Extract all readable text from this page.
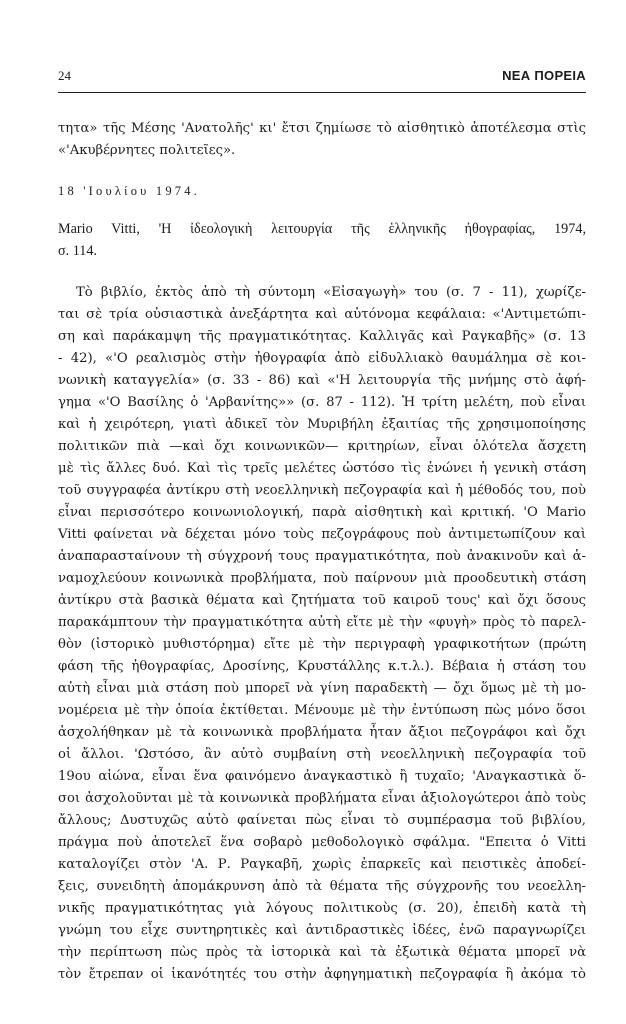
24	ΝΕΑ ΠΟΡΕΙΑ
τητα» τῆς Μέσης 'Ανατολῆς' κι' ἔτσι ζημίωσε τὸ αἰσθητικὸ ἀποτέλεσμα στὶς
«'Ακυβέρνητες πολιτεῖες».
18 'Ιουλίου 1974.
Mario Vitti, 'Η ἰδεολογικὴ λειτουργία τῆς ἑλληνικῆς ἠθογραφίας, 1974,
σ. 114.
Τὸ βιβλίο, ἐκτὸς ἀπὸ τὴ σύντομη «Εἰσαγωγὴ» του (σ. 7 - 11), χωρίζε-
ται σὲ τρία οὐσιαστικὰ ἀνεξάρτητα καὶ αὐτόνομα κεφάλαια: «'Αντιμετώπι-
ση καὶ παράκαμψη τῆς πραγματικότητας. Καλλιγᾶς καὶ Ραγκαβῆς» (σ. 13
- 42), «'Ο ρεαλισμὸς στὴν ἠθογραφία ἀπὸ εἰδυλλιακὸ θαυμάλημα σὲ κοι-
νωνικὴ καταγγελία» (σ. 33 - 86) καὶ «'Η λειτουργία τῆς μνήμης στὸ ἀφή-
γημα «'Ο Βασίλης ὁ 'Αρβανίτης»» (σ. 87 - 112). Ἡ τρίτη μελέτη, ποὺ εἶναι
καὶ ἡ χειρότερη, γιατὶ ἀδικεῖ τὸν Μυριβήλη ἐξαιτίας τῆς χρησιμοποίησης
πολιτικῶν πιὰ —καὶ ὄχι κοινωνικῶν— κριτηρίων, εἶναι ὁλότελα ἄσχετη
μὲ τὶς ἄλλες δυό. Καὶ τὶς τρεῖς μελέτες ὡστόσο τὶς ἑνώνει ἡ γενικὴ στάση
τοῦ συγγραφέα ἀντίκρυ στὴ νεοελληνικὴ πεζογραφία καὶ ἡ μέθοδός του, ποὺ
εἶναι περισσότερο κοινωνιολογική, παρὰ αἰσθητικὴ καὶ κριτική. 'Ο Mario
Vitti φαίνεται νὰ δέχεται μόνο τοὺς πεζογράφους ποὺ ἀντιμετωπίζουν καὶ
ἀναπαρασταίνουν τὴ σύγχρονή τους πραγματικότητα, ποὺ ἀνακινοῦν καὶ ἀ-
ναμοχλεύουν κοινωνικὰ προβλήματα, ποὺ παίρνουν μιὰ προοδευτικὴ στάση
ἀντίκρυ στὰ βασικὰ θέματα καὶ ζητήματα τοῦ καιροῦ τους' καὶ ὄχι ὅσους
παρακάμπτουν τὴν πραγματικότητα αὐτὴ εἴτε μὲ τὴν «φυγὴ» πρὸς τὸ παρελ-
θὸν (ἱστορικὸ μυθιστόρημα) εἴτε μὲ τὴν περιγραφὴ γραφικοτήτων (πρώτη
φάση τῆς ἠθογραφίας, Δροσίνης, Κρυστάλλης κ.τ.λ.). Βέβαια ἡ στάση του
αὐτὴ εἶναι μιὰ στάση ποὺ μπορεῖ νὰ γίνη παραδεκτὴ — ὄχι ὅμως μὲ τὴ μο-
νομέρεια μὲ τὴν ὁποία ἐκτίθεται. Μένουμε μὲ τὴν ἐντύπωση πὼς μόνο ὅσοι
ἀσχολήθηκαν μὲ τὰ κοινωνικὰ προβλήματα ἦταν ἄξιοι πεζογράφοι καὶ ὄχι
οἱ ἄλλοι. 'Ωστόσο, ἂν αὐτὸ συμβαίνη στὴ νεοελληνικὴ πεζογραφία τοῦ
19ου αἰώνα, εἶναι ἕνα φαινόμενο ἀναγκαστικὸ ἢ τυχαῖο; 'Αναγκαστικὰ ὅ-
σοι ἀσχολοῦνται μὲ τὰ κοινωνικὰ προβλήματα εἶναι ἀξιολογώτεροι ἀπὸ τοὺς
ἄλλους; Δυστυχῶς αὐτὸ φαίνεται πὼς εἶναι τὸ συμπέρασμα τοῦ βιβλίου,
πράγμα ποὺ ἀποτελεῖ ἕνα σοβαρὸ μεθοδολογικὸ σφάλμα. "Επειτα ὁ Vitti
καταλογίζει στὸν 'Α. Ρ. Ραγκαβῆ, χωρὶς ἐπαρκεῖς καὶ πειστικὲς ἀποδεί-
ξεις, συνειδητὴ ἀπομάκρυνση ἀπὸ τὰ θέματα τῆς σύγχρονῆς του νεοελλη-
νικῆς πραγματικότητας γιὰ λόγους πολιτικοὺς (σ. 20), ἐπειδὴ κατὰ τὴ
γνώμη του εἶχε συντηρητικὲς καὶ ἀντιδραστικὲς ἰδέες, ἐνῶ παραγνωρίζει
τὴν περίπτωση πὼς πρὸς τὰ ἱστορικὰ καὶ τὰ ἐξωτικὰ θέματα μπορεῖ νὰ
τὸν ἔτρεπαν οἱ ἱκανότητές του στὴν ἀφηγηματικὴ πεζογραφία ἢ ἀκόμα τὸ
